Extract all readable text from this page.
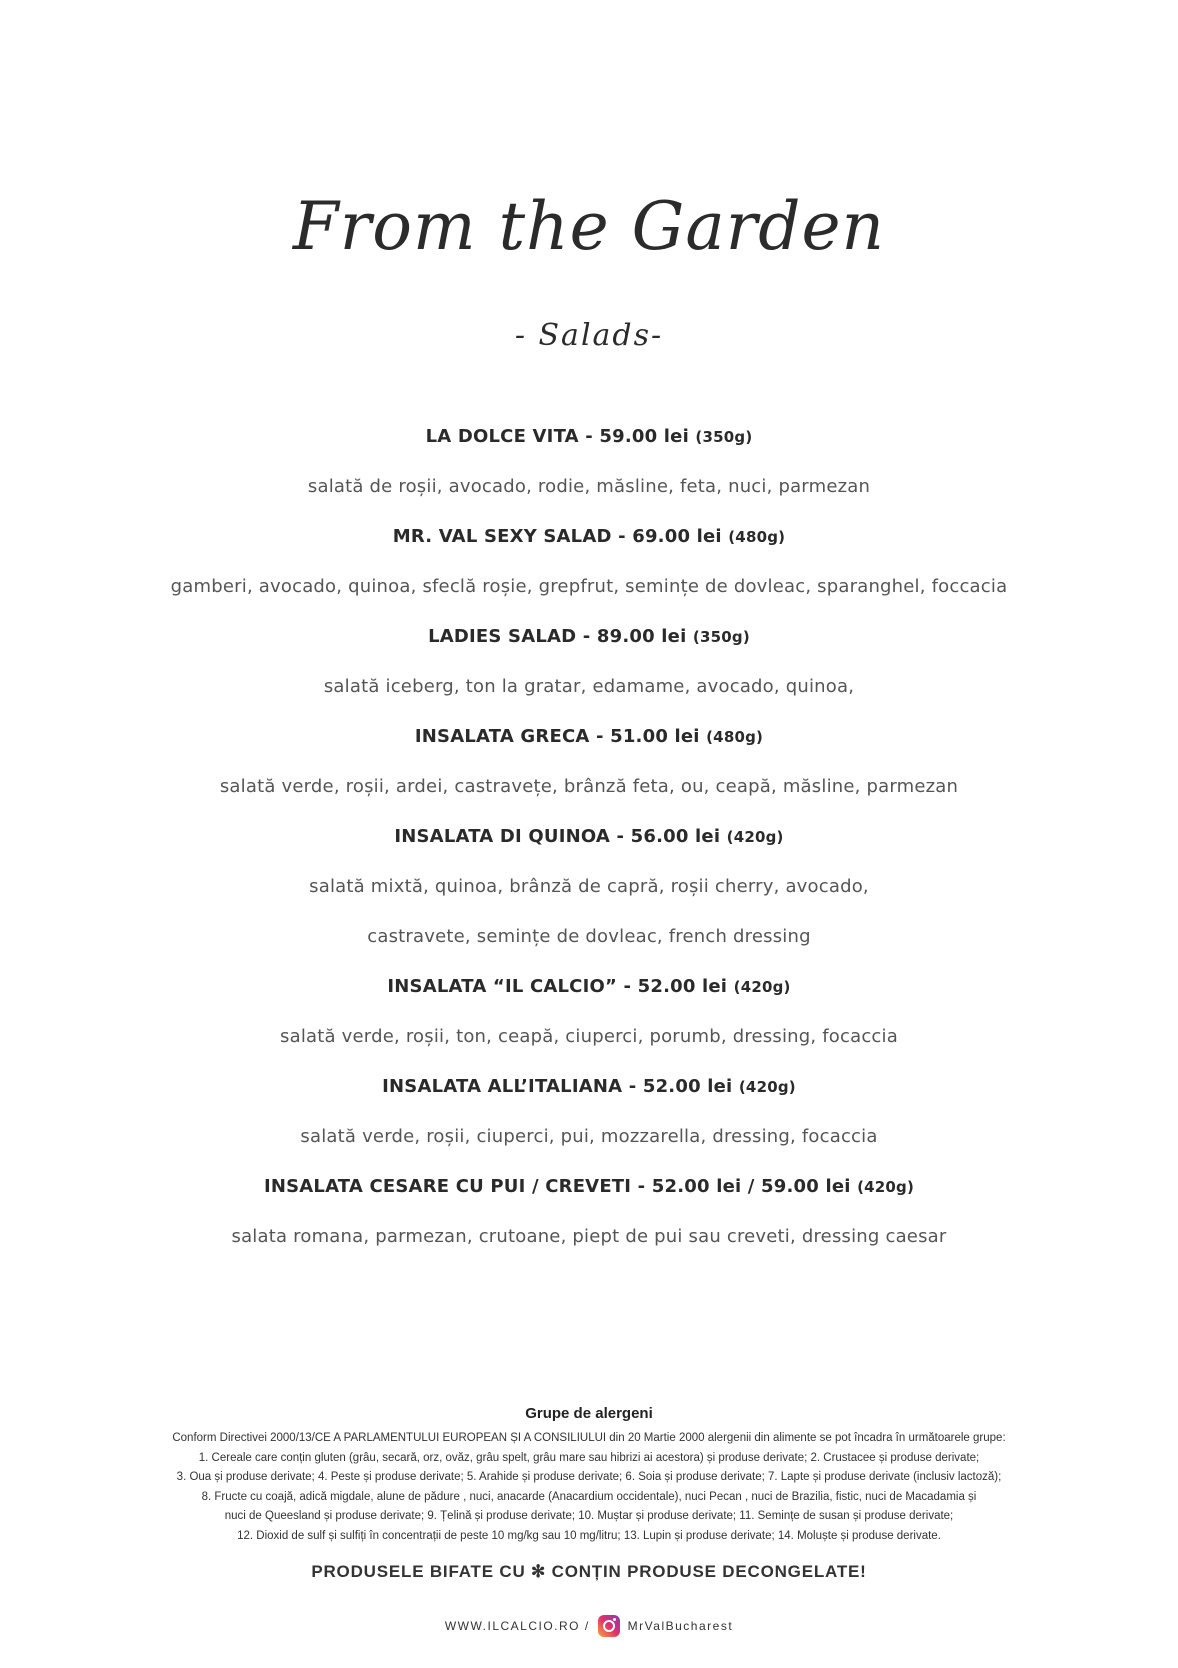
From the Garden
- Salads-
LA DOLCE VITA - 59.00 lei (350g)
salată de roșii, avocado, rodie, măsline, feta, nuci, parmezan
MR. VAL SEXY SALAD - 69.00 lei (480g)
gamberi, avocado, quinoa, sfeclă roșie, grepfrut, semințe de dovleac, sparanghel, foccacia
LADIES SALAD - 89.00 lei (350g)
salată iceberg, ton la gratar, edamame, avocado, quinoa,
INSALATA GRECA - 51.00 lei (480g)
salată verde, roșii, ardei, castravețe, brânză feta, ou, ceapă, măsline, parmezan
INSALATA DI QUINOA - 56.00 lei (420g)
salată mixtă, quinoa, brânză de capră, roșii cherry, avocado,
castravete, semințe de dovleac, french dressing
INSALATA “IL CALCIO” - 52.00 lei (420g)
salată verde, roșii, ton, ceapă, ciuperci, porumb, dressing, focaccia
INSALATA ALL’ITALIANA - 52.00 lei (420g)
salată verde, roșii, ciuperci, pui, mozzarella, dressing, focaccia
INSALATA CESARE CU PUI / CREVETI - 52.00 lei / 59.00 lei (420g)
salata romana, parmezan, crutoane, piept de pui sau creveti, dressing caesar
Grupe de alergeni
Conform Directivei 2000/13/CE A PARLAMENTULUI EUROPEAN ȘI A CONSILIULUI din 20 Martie 2000 alergenii din alimente se pot încadra în următoarele grupe:
1. Cereale care conțin gluten (grâu, secară, orz, ovăz, grâu spelt, grâu mare sau hibrizi ai acestora) și produse derivate; 2. Crustacee și produse derivate;
3. Oua și produse derivate; 4. Peste și produse derivate; 5. Arahide și produse derivate; 6. Soia și produse derivate; 7. Lapte și produse derivate (inclusiv lactoză);
8. Fructe cu coajă, adică migdale, alune de pădure , nuci, anacarde (Anacardium occidentale), nuci Pecan , nuci de Brazilia, fistic, nuci de Macadamia și
nuci de Queesland și produse derivate; 9. Țelină și produse derivate; 10. Muștar și produse derivate; 11. Semințe de susan și produse derivate;
12. Dioxid de sulf și sulfiți în concentrații de peste 10 mg/kg sau 10 mg/litru; 13. Lupin și produse derivate; 14. Moluște și produse derivate.
PRODUSELE BIFATE CU ✻ CONȚIN PRODUSE DECONGELATE!
WWW.ILCALCIO.RO /	MrValBucharest
